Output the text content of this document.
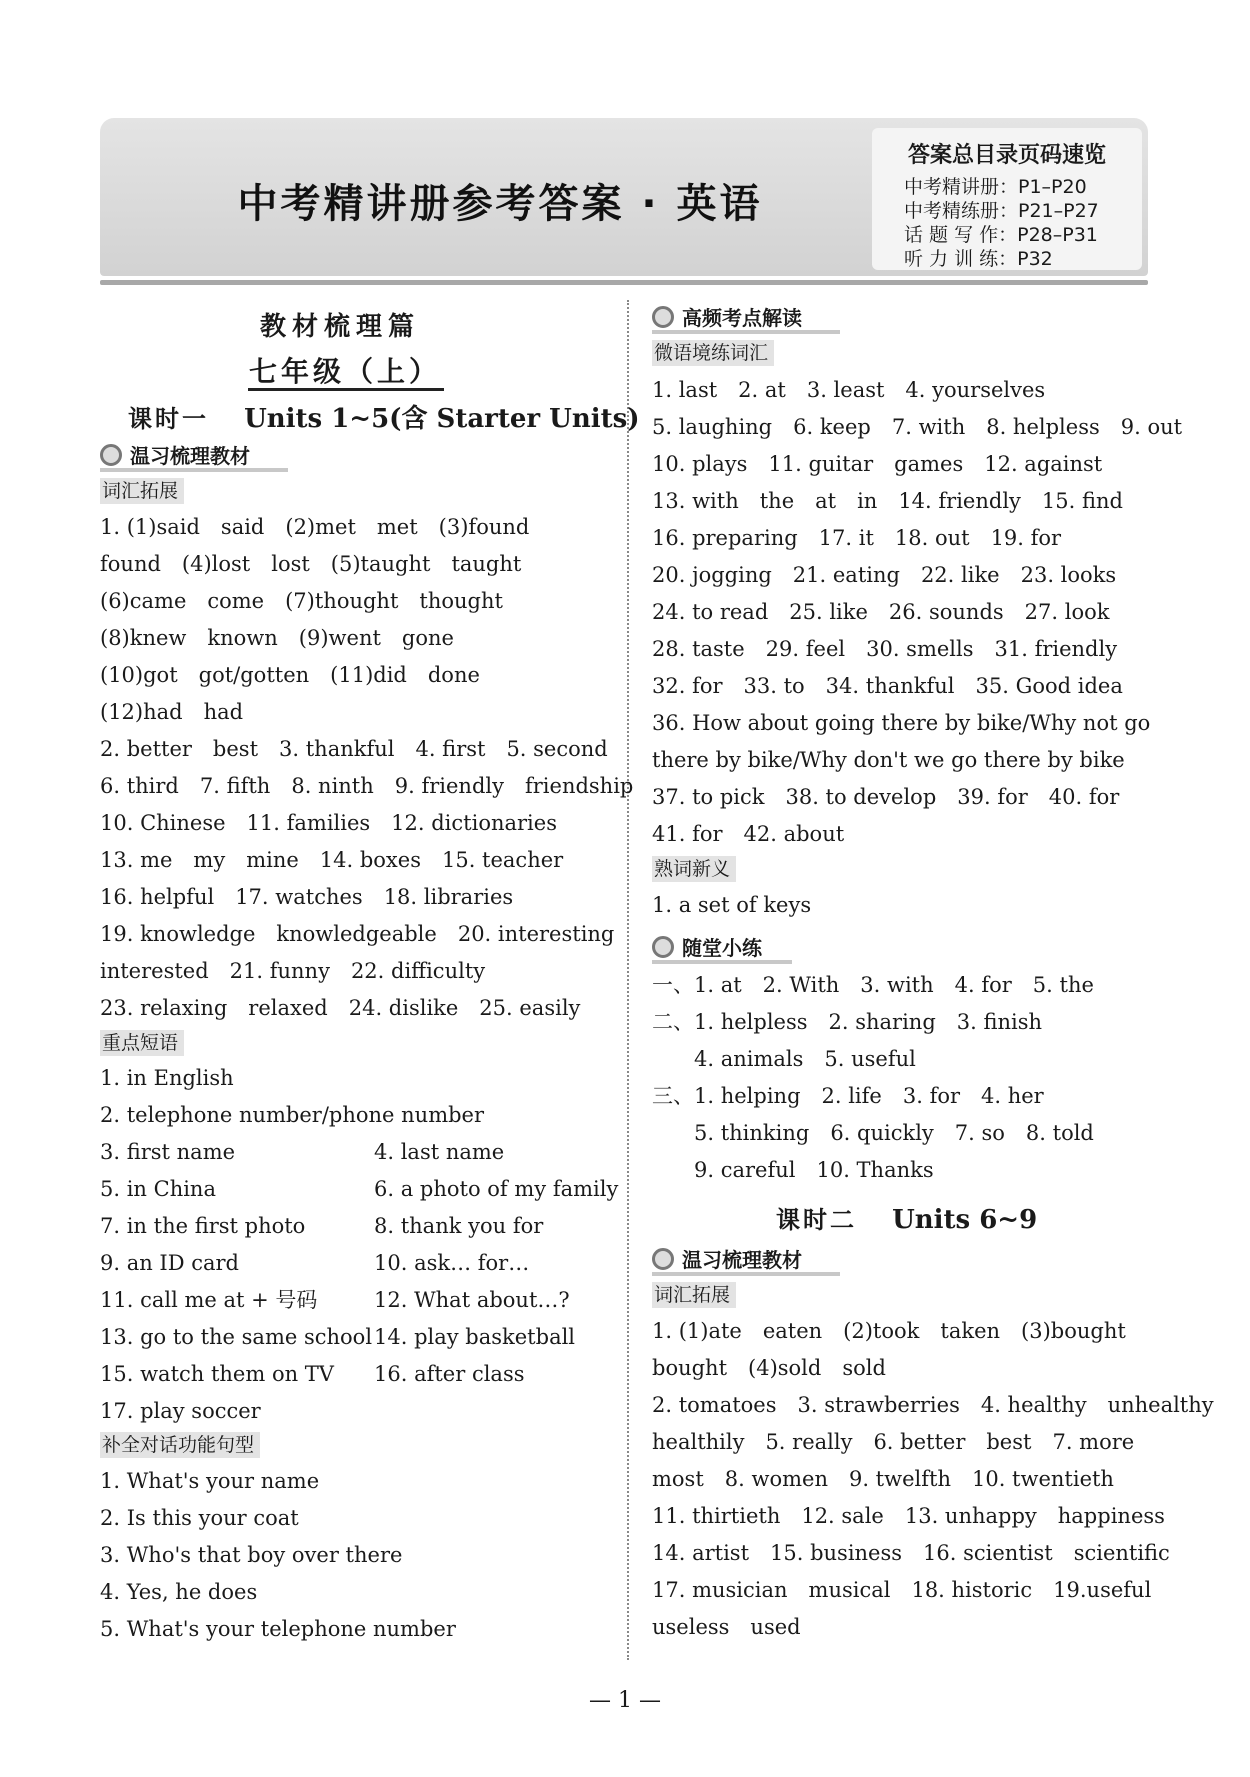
中考精讲册参考答案 · 英语
答案总目录页码速览
中考精讲册：P1–P20
中考精练册：P21–P27
话 题 写 作：P28–P31
听 力 训 练：P32
教材梳理篇
七年级（上）
课时一 Units 1~5(含 Starter Units)
温习梳理教材
词汇拓展
1. (1)said　said　(2)met　met　(3)found
found　(4)lost　lost　(5)taught　taught
(6)came　come　(7)thought　thought
(8)knew　known　(9)went　gone
(10)got　got/gotten　(11)did　done
(12)had　had
2. better　best　3. thankful　4. first　5. second
6. third　7. fifth　8. ninth　9. friendly　friendship
10. Chinese　11. families　12. dictionaries
13. me　my　mine　14. boxes　15. teacher
16. helpful　17. watches　18. libraries
19. knowledge　knowledgeable　20. interesting
interested　21. funny　22. difficulty
23. relaxing　relaxed　24. dislike　25. easily
重点短语
1. in English
2. telephone number/phone number
3. first name	4. last name
5. in China	6. a photo of my family
7. in the first photo	8. thank you for
9. an ID card	10. ask… for…
11. call me at + 号码	12. What about…?
13. go to the same school 14. play basketball
15. watch them on TV 16. after class
17. play soccer
补全对话功能句型
1. What's your name
2. Is this your coat
3. Who's that boy over there
4. Yes, he does
5. What's your telephone number
高频考点解读
微语境练词汇
1. last　2. at　3. least　4. yourselves
5. laughing　6. keep　7. with　8. helpless　9. out
10. plays　11. guitar　games　12. against
13. with　the　at　in　14. friendly　15. find
16. preparing　17. it　18. out　19. for
20. jogging　21. eating　22. like　23. looks
24. to read　25. like　26. sounds　27. look
28. taste　29. feel　30. smells　31. friendly
32. for　33. to　34. thankful　35. Good idea
36. How about going there by bike/Why not go
there by bike/Why don't we go there by bike
37. to pick　38. to develop　39. for　40. for
41. for　42. about
熟词新义
1. a set of keys
随堂小练
一、1. at　2. With　3. with　4. for　5. the
二、1. helpless　2. sharing　3. finish
　　4. animals　5. useful
三、1. helping　2. life　3. for　4. her
　　5. thinking　6. quickly　7. so　8. told
　　9. careful　10. Thanks
课时二 Units 6~9
温习梳理教材
词汇拓展
1. (1)ate　eaten　(2)took　taken　(3)bought
bought　(4)sold　sold
2. tomatoes　3. strawberries　4. healthy　unhealthy
healthily　5. really　6. better　best　7. more
most　8. women　9. twelfth　10. twentieth
11. thirtieth　12. sale　13. unhappy　happiness
14. artist　15. business　16. scientist　scientific
17. musician　musical　18. historic　19.useful
useless　used
— 1 —
